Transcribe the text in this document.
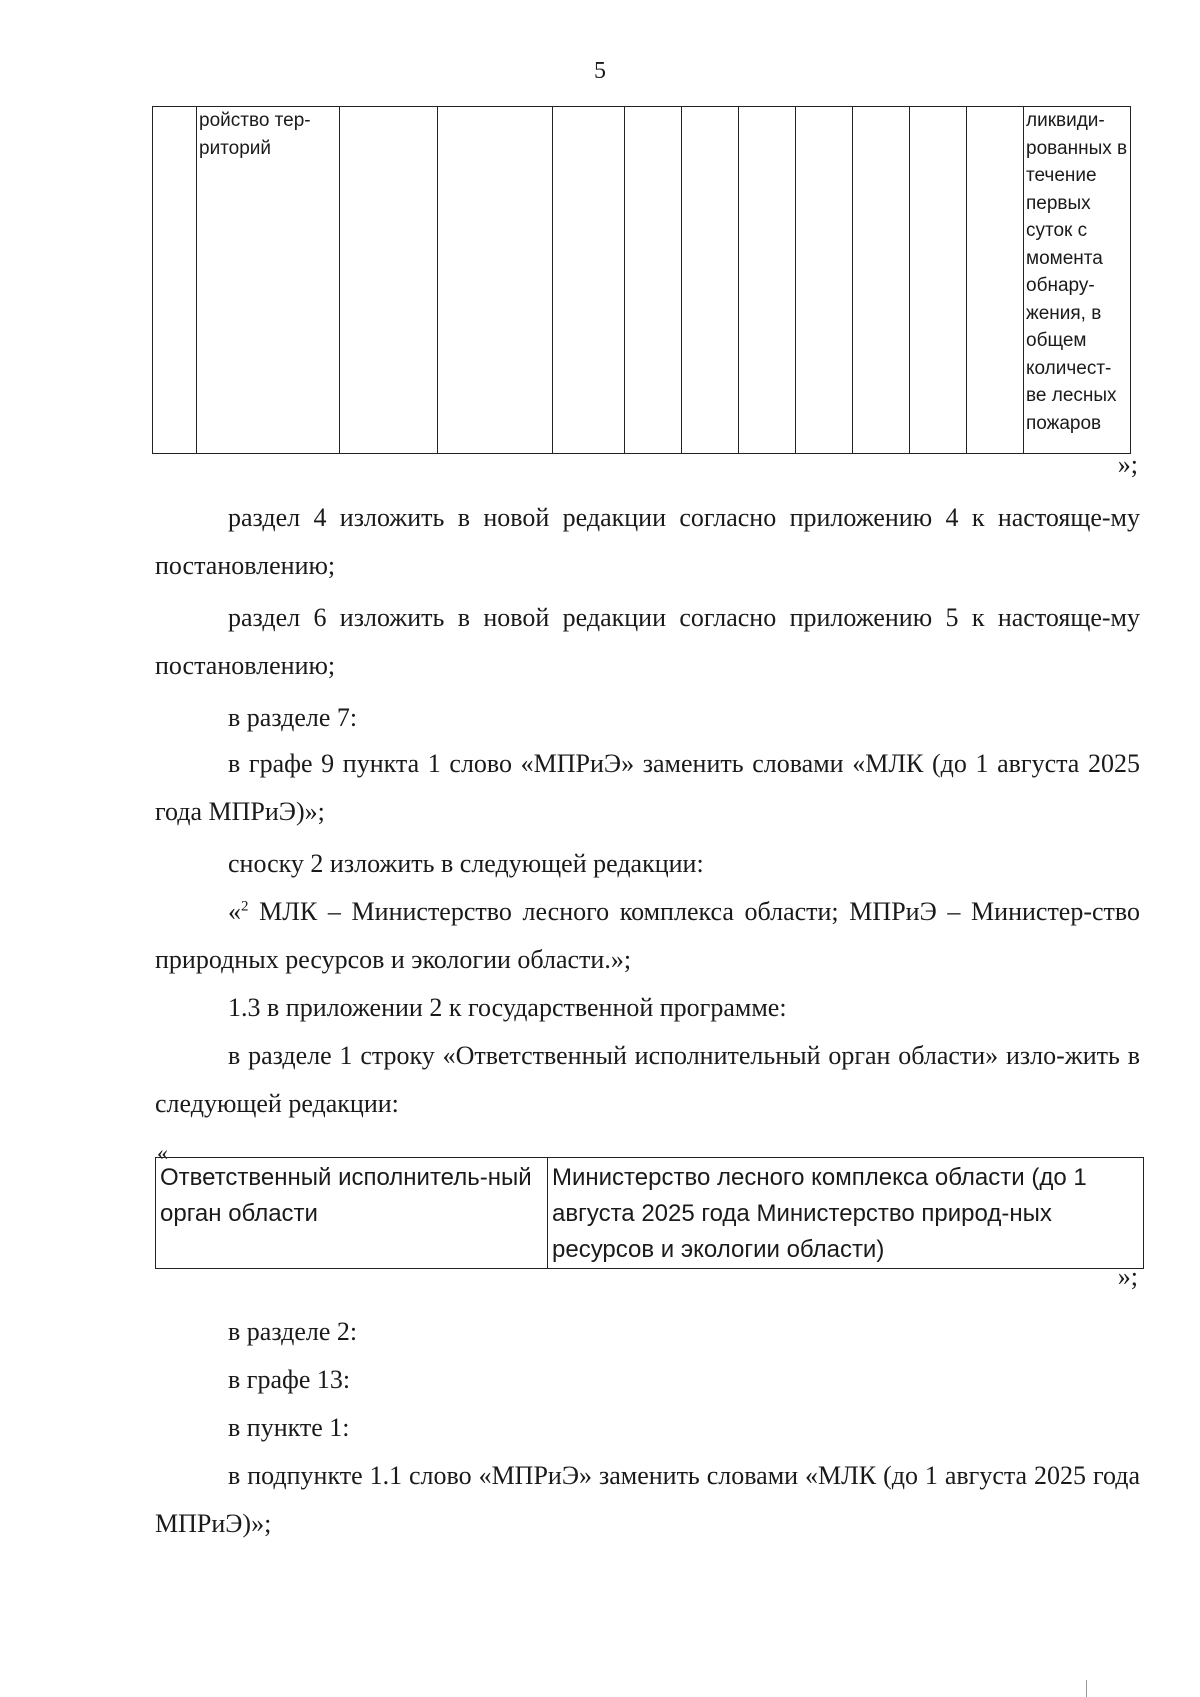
5
	ройство тер-риторий											ликвиди-рованных в течение первых суток с момента обнару-жения, в общем количест-ве лесных пожаров
»;
раздел 4 изложить в новой редакции согласно приложению 4 к настояще-му постановлению;
раздел 6 изложить в новой редакции согласно приложению 5 к настояще-му постановлению;
в разделе 7:
в графе 9 пункта 1 слово «МПРиЭ» заменить словами «МЛК (до 1 августа 2025 года МПРиЭ)»;
сноску 2 изложить в следующей редакции:
«$^2$ МЛК – Министерство лесного комплекса области; МПРиЭ – Министер-ство природных ресурсов и экологии области.»;
1.3 в приложении 2 к государственной программе:
в разделе 1 строку «Ответственный исполнительный орган области» изло-жить в следующей редакции:
«
Ответственный исполнитель-ный орган области	Министерство лесного комплекса области (до 1 августа 2025 года Министерство природ-ных ресурсов и экологии области)
»;
в разделе 2:
в графе 13:
в пункте 1:
в подпункте 1.1 слово «МПРиЭ» заменить словами «МЛК (до 1 августа 2025 года МПРиЭ)»;
